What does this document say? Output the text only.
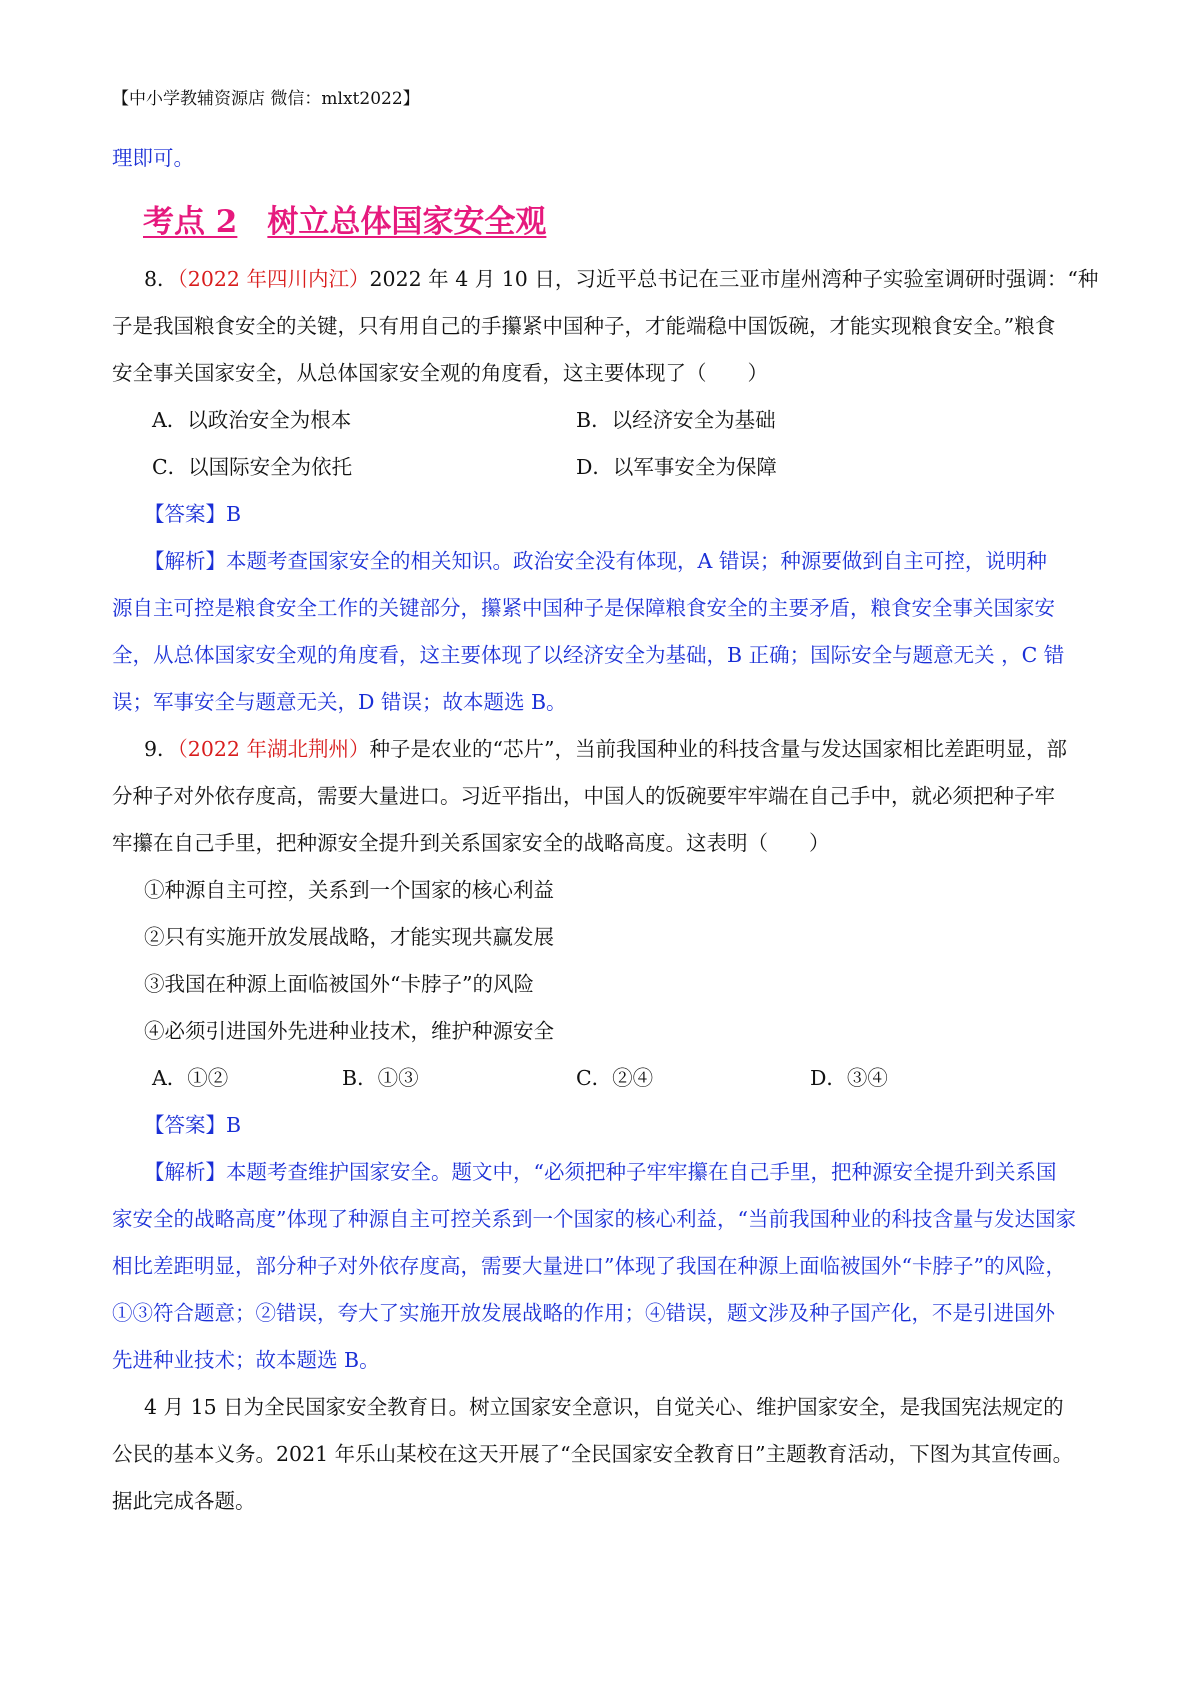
【中小学教辅资源店 微信：mlxt2022】
理即可。
考点 2 树立总体国家安全观
8．（2022 年四川内江）2022 年 4 月 10 日，习近平总书记在三亚市崖州湾种子实验室调研时强调：“种
子是我国粮食安全的关键，只有用自己的手攥紧中国种子，才能端稳中国饭碗，才能实现粮食安全。”粮食
安全事关国家安全，从总体国家安全观的角度看，这主要体现了（　　）
A．以政治安全为根本	B．以经济安全为基础
C．以国际安全为依托	D．以军事安全为保障
【答案】B
【解析】本题考查国家安全的相关知识。政治安全没有体现，A 错误；种源要做到自主可控，说明种
源自主可控是粮食安全工作的关键部分，攥紧中国种子是保障粮食安全的主要矛盾，粮食安全事关国家安
全，从总体国家安全观的角度看，这主要体现了以经济安全为基础，B 正确；国际安全与题意无关 ，C 错
误；军事安全与题意无关，D 错误；故本题选 B。
9．（2022 年湖北荆州）种子是农业的“芯片”，当前我国种业的科技含量与发达国家相比差距明显，部
分种子对外依存度高，需要大量进口。习近平指出，中国人的饭碗要牢牢端在自己手中，就必须把种子牢
牢攥在自己手里，把种源安全提升到关系国家安全的战略高度。这表明（　　）
①种源自主可控，关系到一个国家的核心利益
②只有实施开放发展战略，才能实现共赢发展
③我国在种源上面临被国外“卡脖子”的风险
④必须引进国外先进种业技术，维护种源安全
A．①②	B．①③	C．②④	D．③④
【答案】B
【解析】本题考查维护国家安全。题文中，“必须把种子牢牢攥在自己手里，把种源安全提升到关系国
家安全的战略高度”体现了种源自主可控关系到一个国家的核心利益，“当前我国种业的科技含量与发达国家
相比差距明显，部分种子对外依存度高，需要大量进口”体现了我国在种源上面临被国外“卡脖子”的风险，
①③符合题意；②错误，夸大了实施开放发展战略的作用；④错误，题文涉及种子国产化，不是引进国外
先进种业技术；故本题选 B。
4 月 15 日为全民国家安全教育日。树立国家安全意识，自觉关心、维护国家安全，是我国宪法规定的
公民的基本义务。2021 年乐山某校在这天开展了“全民国家安全教育日”主题教育活动，下图为其宣传画。
据此完成各题。
